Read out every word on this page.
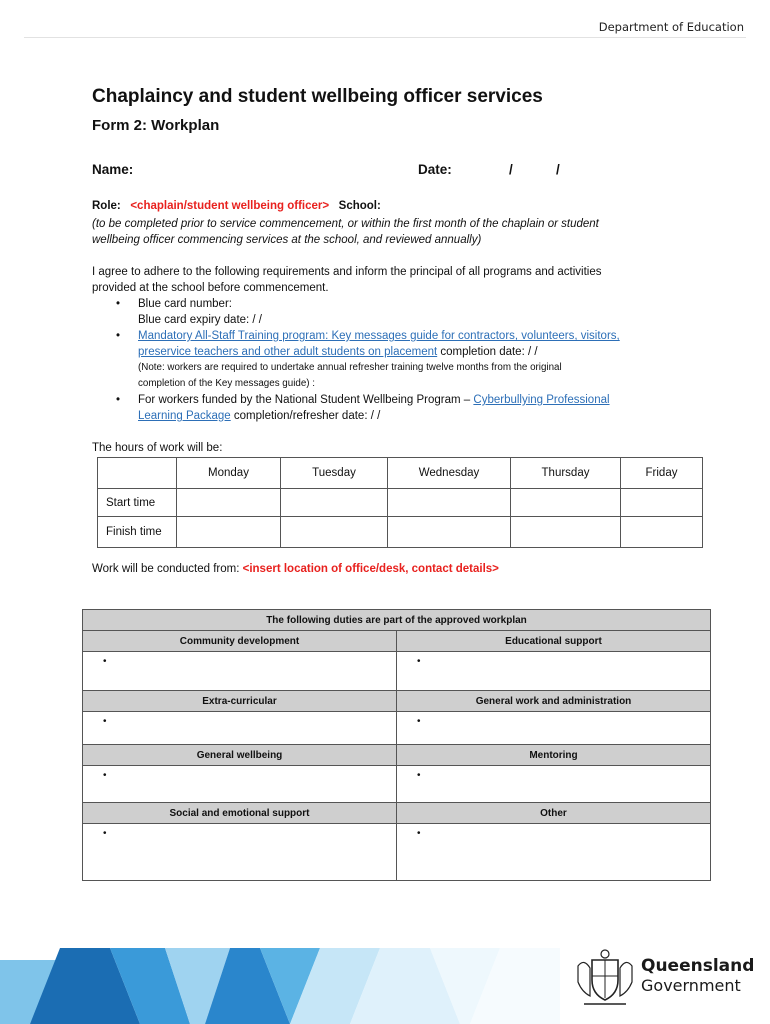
Department of Education
Chaplaincy and student wellbeing officer services
Form 2: Workplan
Name:	Date:	/	/
Role: <chaplain/student wellbeing officer> School:
(to be completed prior to service commencement, or within the first month of the chaplain or student
wellbeing officer commencing services at the school, and reviewed annually)
I agree to adhere to the following requirements and inform the principal of all programs and activities
provided at the school before commencement.
• Blue card number:
Blue card expiry date: / /
• Mandatory All-Staff Training program: Key messages guide for contractors, volunteers, visitors,
preservice teachers and other adult students on placement completion date: / /
(Note: workers are required to undertake annual refresher training twelve months from the original
completion of the Key messages guide) :
• For workers funded by the National Student Wellbeing Program – Cyberbullying Professional
Learning Package completion/refresher date: / /
The hours of work will be:
	Monday	Tuesday	Wednesday	Thursday	Friday
Start time					
Finish time					
Work will be conducted from: <insert location of office/desk, contact details>
The following duties are part of the approved workplan	
Community development	Educational support

•	•

Extra-curricular	General work and administration

•	•

General wellbeing	Mentoring

•	•

Social and emotional support	Other

•	•
Queensland
Government
